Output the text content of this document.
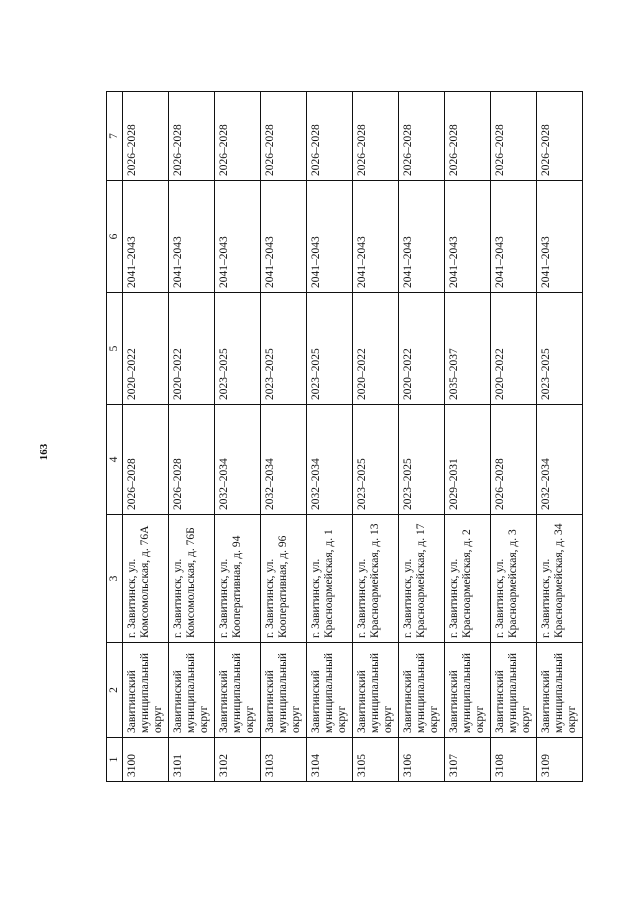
163
1	2	3	4	5	6	7
3100	Завитинский муниципальный округ	г. Завитинск, ул. Комсомольская, д. 76А	2026–2028	2020–2022	2041–2043	2026–2028
3101	Завитинский муниципальный округ	г. Завитинск, ул. Комсомольская, д. 76Б	2026–2028	2020–2022	2041–2043	2026–2028
3102	Завитинский муниципальный округ	г. Завитинск, ул. Кооперативная, д. 94	2032–2034	2023–2025	2041–2043	2026–2028
3103	Завитинский муниципальный округ	г. Завитинск, ул. Кооперативная, д. 96	2032–2034	2023–2025	2041–2043	2026–2028
3104	Завитинский муниципальный округ	г. Завитинск, ул. Красноармейская, д. 1	2032–2034	2023–2025	2041–2043	2026–2028
3105	Завитинский муниципальный округ	г. Завитинск, ул. Красноармейская, д. 13	2023–2025	2020–2022	2041–2043	2026–2028
3106	Завитинский муниципальный округ	г. Завитинск, ул. Красноармейская, д. 17	2023–2025	2020–2022	2041–2043	2026–2028
3107	Завитинский муниципальный округ	г. Завитинск, ул. Красноармейская, д. 2	2029–2031	2035–2037	2041–2043	2026–2028
3108	Завитинский муниципальный округ	г. Завитинск, ул. Красноармейская, д. 3	2026–2028	2020–2022	2041–2043	2026–2028
3109	Завитинский муниципальный округ	г. Завитинск, ул. Красноармейская, д. 34	2032–2034	2023–2025	2041–2043	2026–2028
